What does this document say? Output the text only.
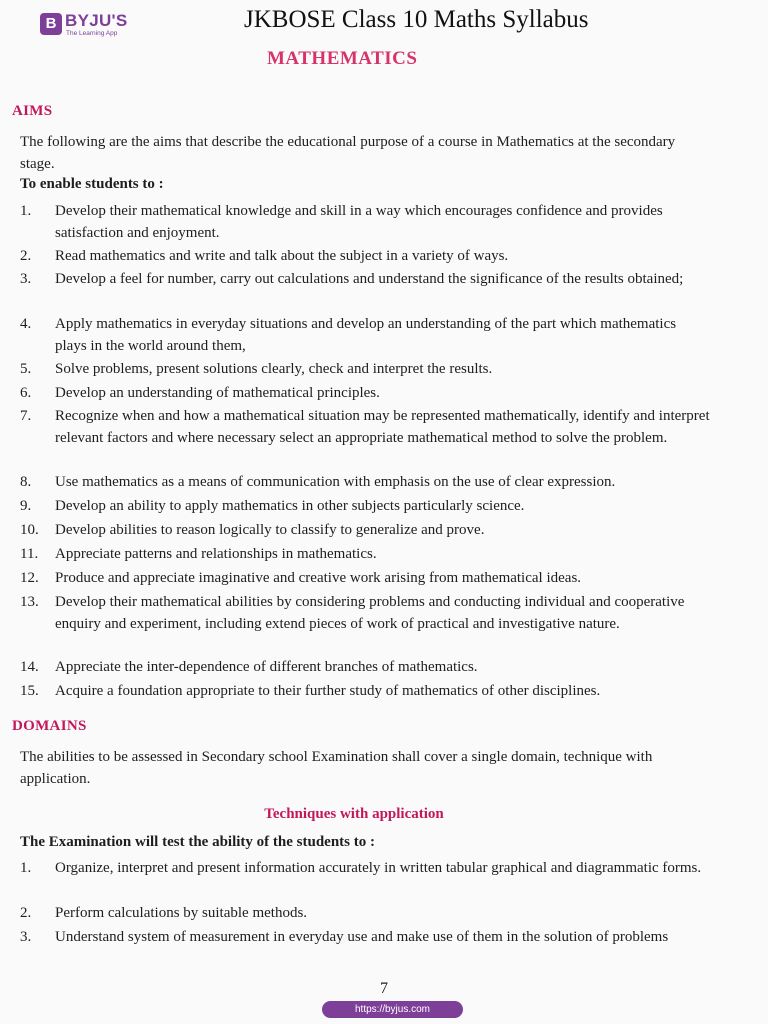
B BYJU'S
The Learning App
JKBOSE Class 10 Maths Syllabus
MATHEMATICS
AIMS
The following are the aims that describe the educational purpose of a course in Mathematics at the secondary stage.
To enable students to :
1.	Develop their mathematical knowledge and skill in a way which encourages confidence and provides satisfaction and enjoyment.
2.	Read mathematics and write and talk about the subject in a variety of ways.
3.	Develop a feel for number, carry out calculations and understand the significance of the results obtained;
4.	Apply mathematics in everyday situations and develop an understanding of the part which mathematics plays in the world around them,
5.	Solve problems, present solutions clearly, check and interpret the results.
6.	Develop an understanding of mathematical principles.
7.	Recognize when and how a mathematical situation may be represented mathematically, identify and interpret relevant factors and where necessary select an appropriate mathematical method to solve the problem.
8.	Use mathematics as a means of communication with emphasis on the use of clear expression.
9.	Develop an ability to apply mathematics in other subjects particularly science.
10.	Develop abilities to reason logically to classify to generalize and prove.
11.	Appreciate patterns and relationships in mathematics.
12.	Produce and appreciate imaginative and creative work arising from mathematical ideas.
13.	Develop their mathematical abilities by considering problems and conducting individual and cooperative enquiry and experiment, including extend pieces of work of practical and investigative nature.
14.	Appreciate the inter-dependence of different branches of mathematics.
15.	Acquire a foundation appropriate to their further study of mathematics of other disciplines.
DOMAINS
The abilities to be assessed in Secondary school Examination shall cover a single domain, technique with application.
Techniques with application
The Examination will test the ability of the students to :
1.	Organize, interpret and present information accurately in written tabular graphical and diagrammatic forms.
2.	Perform calculations by suitable methods.
3.	Understand system of measurement in everyday use and make use of them in the solution of problems
7
https://byjus.com
